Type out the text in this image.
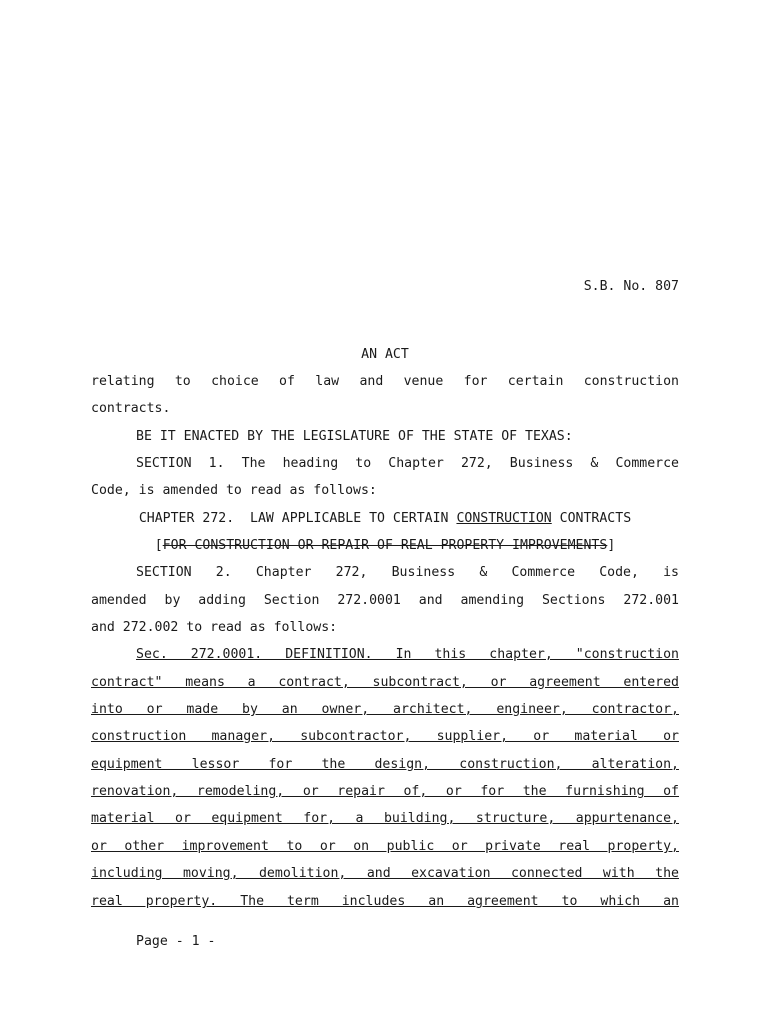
S.B. No. 807
AN ACT
relating to choice of law and venue for certain construction
contracts.
BE IT ENACTED BY THE LEGISLATURE OF THE STATE OF TEXAS:
SECTION 1. The heading to Chapter 272, Business & Commerce
Code, is amended to read as follows:
CHAPTER 272.  LAW APPLICABLE TO CERTAIN CONSTRUCTION CONTRACTS
[FOR CONSTRUCTION OR REPAIR OF REAL PROPERTY IMPROVEMENTS]
SECTION 2. Chapter 272, Business & Commerce Code, is
amended by adding Section 272.0001 and amending Sections 272.001
and 272.002 to read as follows:
Sec. 272.0001. DEFINITION. In this chapter, "construction
contract" means a contract, subcontract, or agreement entered
into or made by an owner, architect, engineer, contractor,
construction manager, subcontractor, supplier, or material or
equipment lessor for the design, construction, alteration,
renovation, remodeling, or repair of, or for the furnishing of
material or equipment for, a building, structure, appurtenance,
or other improvement to or on public or private real property,
including moving, demolition, and excavation connected with the
real property. The term includes an agreement to which an
Page - 1 -
